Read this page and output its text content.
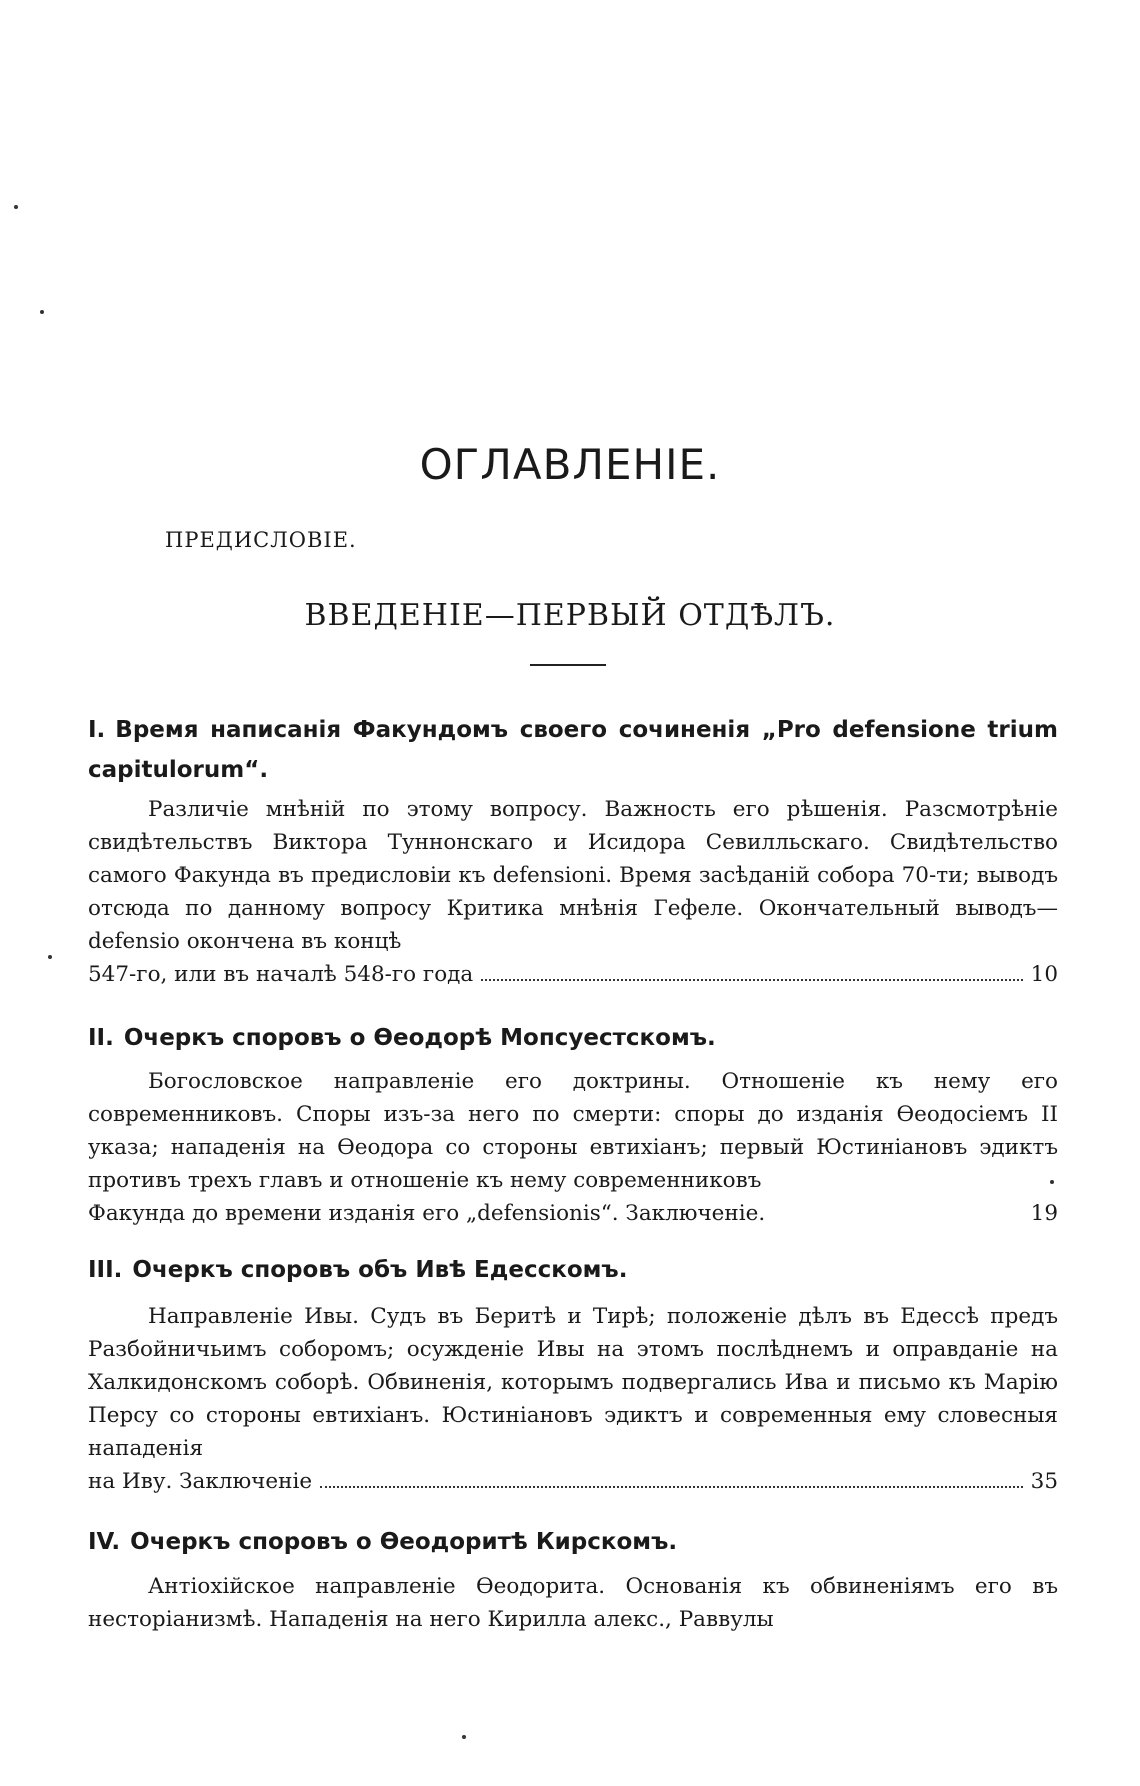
ОГЛАВЛЕНІЕ.
ПРЕДИСЛОВІЕ.
ВВЕДЕНІЕ—ПЕРВЫЙ ОТДѢЛЪ.
I. Время написанія Факундомъ своего сочиненія „Pro defensione trium capitulorum“.

Различіе мнѣній по этому вопросу. Важность его рѣшенія. Разсмотрѣніе свидѣтельствъ Виктора Туннонскаго и Исидора Севилльскаго. Свидѣтельство самого Факунда въ предисловіи къ defensioni. Время засѣданій собора 70-ти; выводъ отсюда по данному вопросу Критика мнѣнія Гефеле. Окончательный выводъ—defensio окончена въ концѣ

547-го, или въ началѣ 548-го года	10
II. Очеркъ споровъ о Ѳеодорѣ Мопсуестскомъ.

Богословское направленіе его доктрины. Отношеніе къ нему его современниковъ. Споры изъ-за него по смерти: споры до изданія Ѳеодосіемъ II указа; нападенія на Ѳеодора со стороны евтихіанъ; первый Юстиніановъ эдиктъ противъ трехъ главъ и отношеніе къ нему современниковъ

Факунда до времени изданія его „defensionis“. Заключеніе.	19
III. Очеркъ споровъ объ Ивѣ Едесскомъ.

Направленіе Ивы. Судъ въ Беритѣ и Тирѣ; положеніе дѣлъ въ Едессѣ предъ Разбойничьимъ соборомъ; осужденіе Ивы на этомъ послѣднемъ и оправданіе на Халкидонскомъ соборѣ. Обвиненія, которымъ подвергались Ива и письмо къ Марію Персу со стороны евтихіанъ. Юстиніановъ эдиктъ и современныя ему словесныя нападенія

на Иву. Заключеніе	35
IV. Очеркъ споровъ о Ѳеодоритѣ Кирскомъ.

Антіохійское направленіе Ѳеодорита. Основанія къ обвиненіямъ его въ несторіанизмѣ. Нападенія на него Кирилла алекс., Раввулы
